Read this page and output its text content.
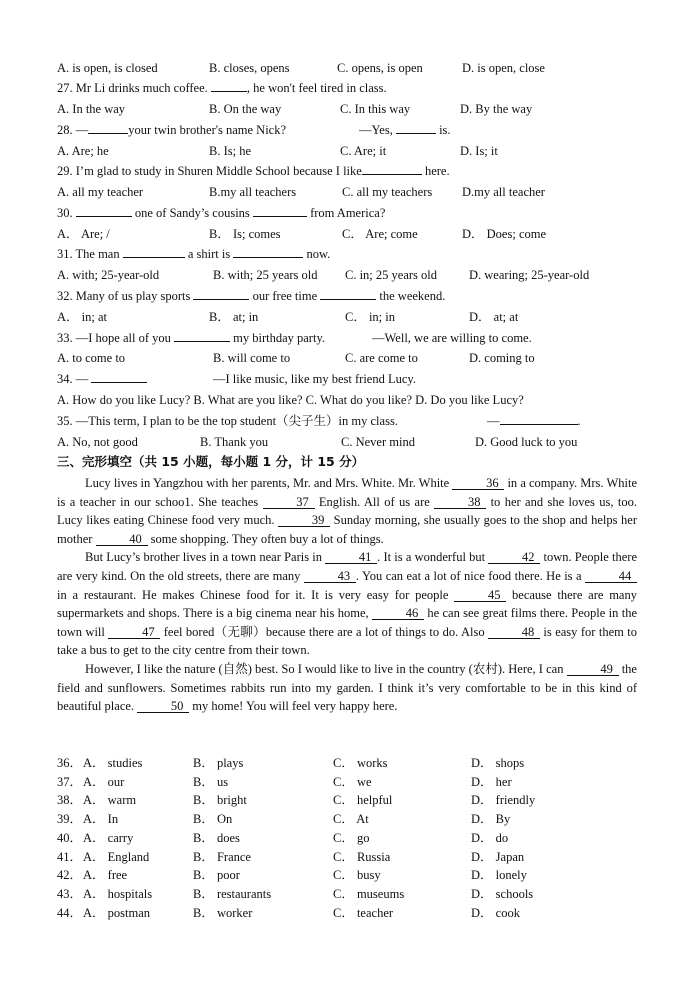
A. is open, is closed	B. closes, opens	C. opens, is open	D. is open, close
27. Mr Li drinks much coffee.	, he won't feel tired in class.
A. In the way	B. On the way	C. In this way	D. By the way
28. —	your twin brother's name Nick?	—Yes,	is.
A. Are; he	B. Is; he	C. Are; it	D. Is; it
29. I’m glad to study in Shuren Middle School because I like	here.
A. all my teacher	B.my all teachers	C. all my teachers D.my all teacher
30.	one of Sandy’s cousins	from America?
A． Are; /	B． Is; comes	C． Are; come	D． Does; come
31. The man	a shirt is	now.
A. with; 25-year-old	B. with; 25 years old C. in; 25 years old	D. wearing; 25-year-old
32. Many of us play sports	our free time	the weekend.
A． in; at	B． at; in	C． in; in	D． at; at
33. —I hope all of you	my birthday party.	—Well, we are willing to come.
A. to come to	B. will come to	C. are come to	D. coming to
34. —	—I like music, like my best friend Lucy.
A. How do you like Lucy? B. What are you like? C. What do you like? D. Do you like Lucy?
35. —This term, I plan to be the top student（尖子生）in my class.	—	.
A. No, not good	B. Thank you	C. Never mind	D. Good luck to you
三、完形填空（共 15 小题，每小题 1 分，计 15 分）

Lucy lives in Yangzhou with her parents, Mr. and Mrs. White. Mr. White	36 in a company. Mrs. White is a teacher in our schoo1. She teaches	37 English. All of us are	38 to her and she loves us, too. Lucy likes eating Chinese food very much.	39 Sunday morning, she usually goes to the shop and helps her mother	40 some shopping. They often buy a lot of things.

But Lucy’s brother lives in a town near Paris in	41 . It is a wonderful but	42 town. People there are very kind. On the old streets, there are many	43 . You can eat a lot of nice food there. He is a	44 in a restaurant. He makes Chinese food for it. It is very easy for people	45 because there are many supermarkets and shops. There is a big cinema near his home,	46 he can see great films there. People in the town will	47 feel bored（无聊）because there are a lot of things to do. Also	48 is easy for them to take a bus to get to the city centre from their town.

However, I like the nature (自然) best. So I would like to live in the country (农村). Here, I can	49 the field and sunflowers. Sometimes rabbits run into my garden. I think it’s very comfortable to be in this kind of beautiful place.	50 my home! You will feel very happy here.

36． A． studies	B． plays	C． works	D． shops
37． A． our	B． us	C． we	D． her
38． A． warm	B． bright	C． helpful	D． friendly
39． A． In	B． On	C． At	D． By
40． A． carry	B． does	C． go	D． do
41． A． England	B． France	C． Russia	D． Japan
42． A． free	B． poor	C． busy	D． lonely
43． A． hospitals	B． restaurants	C． museums	D． schools
44． A． postman	B． worker	C． teacher	D． cook
